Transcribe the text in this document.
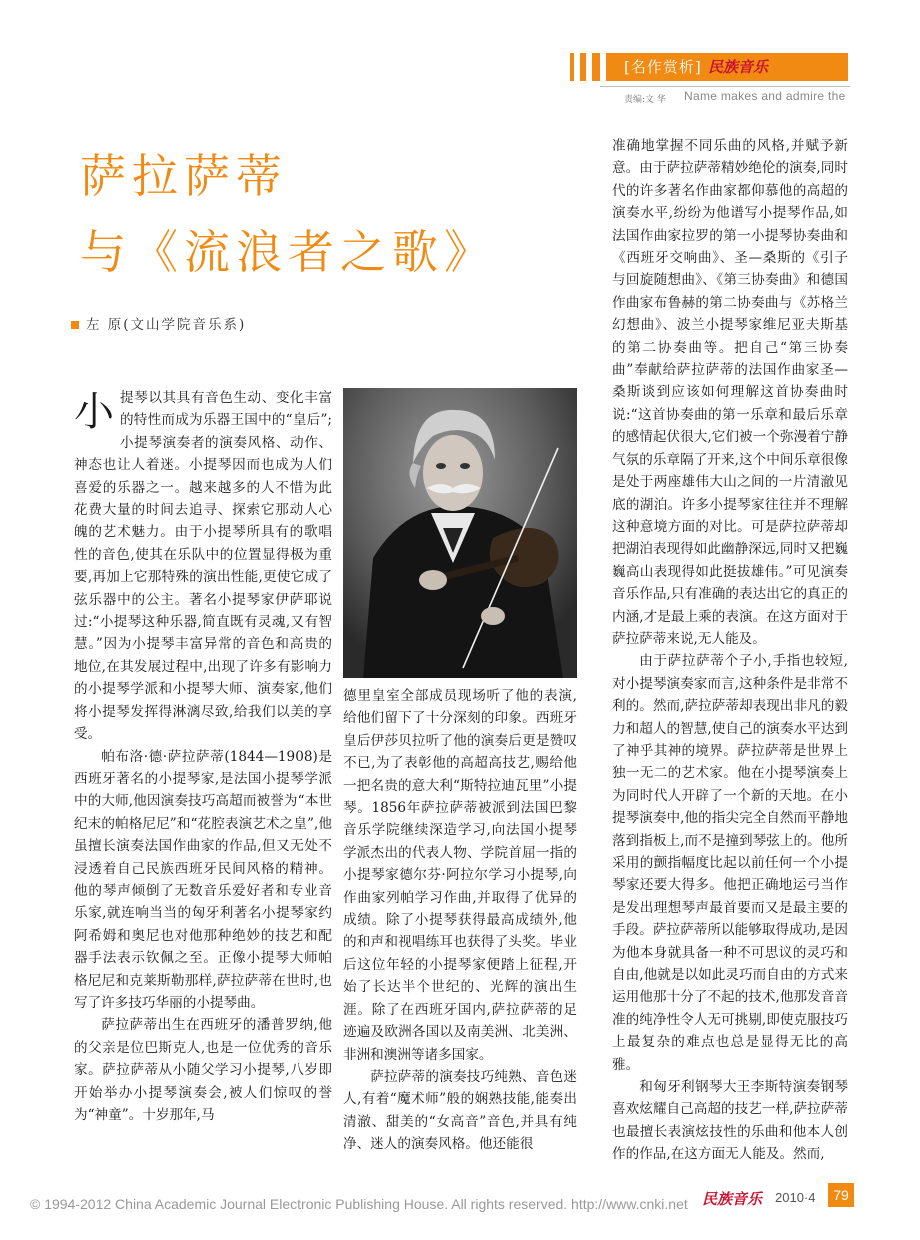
[名作赏析] 民族音乐
责编:文 华 Name makes and admire the
萨拉萨蒂
与《流浪者之歌》
左 原(文山学院音乐系)

小提琴以其具有音色生动、变化丰富的特性而成为乐器王国中的“皇后”;小提琴演奏者的演奏风格、动作、神态也让人着迷。小提琴因而也成为人们喜爱的乐器之一。越来越多的人不惜为此花费大量的时间去追寻、探索它那动人心魄的艺术魅力。由于小提琴所具有的歌唱性的音色,使其在乐队中的位置显得极为重要,再加上它那特殊的演出性能,更使它成了弦乐器中的公主。著名小提琴家伊萨耶说过:“小提琴这种乐器,简直既有灵魂,又有智慧。”因为小提琴丰富异常的音色和高贵的地位,在其发展过程中,出现了许多有影响力的小提琴学派和小提琴大师、演奏家,他们将小提琴发挥得淋漓尽致,给我们以美的享受。

帕布洛·德·萨拉萨蒂(1844—1908)是西班牙著名的小提琴家,是法国小提琴学派中的大师,他因演奏技巧高超而被誉为“本世纪末的帕格尼尼”和“花腔表演艺术之皇”,他虽擅长演奏法国作曲家的作品,但又无处不浸透着自己民族西班牙民间风格的精神。他的琴声倾倒了无数音乐爱好者和专业音乐家,就连响当当的匈牙利著名小提琴家约阿希姆和奥尼也对他那种绝妙的技艺和配器手法表示钦佩之至。正像小提琴大师帕格尼尼和克莱斯勒那样,萨拉萨蒂在世时,也写了许多技巧华丽的小提琴曲。

萨拉萨蒂出生在西班牙的潘普罗纳,他的父亲是位巴斯克人,也是一位优秀的音乐家。萨拉萨蒂从小随父学习小提琴,八岁即开始举办小提琴演奏会,被人们惊叹的誉为“神童”。十岁那年,马

德里皇室全部成员现场听了他的表演,给他们留下了十分深刻的印象。西班牙皇后伊莎贝拉听了他的演奏后更是赞叹不已,为了表彰他的高超高技艺,赐给他一把名贵的意大利“斯特拉迪瓦里”小提琴。1856年萨拉萨蒂被派到法国巴黎音乐学院继续深造学习,向法国小提琴学派杰出的代表人物、学院首屈一指的小提琴家德尔芬·阿拉尔学习小提琴,向作曲家列帕学习作曲,并取得了优异的成绩。除了小提琴获得最高成绩外,他的和声和视唱练耳也获得了头奖。毕业后这位年轻的小提琴家便踏上征程,开始了长达半个世纪的、光辉的演出生涯。除了在西班牙国内,萨拉萨蒂的足迹遍及欧洲各国以及南美洲、北美洲、非洲和澳洲等诸多国家。

萨拉萨蒂的演奏技巧纯熟、音色迷人,有着“魔术师”般的娴熟技能,能奏出清澈、甜美的“女高音”音色,并具有纯净、迷人的演奏风格。他还能很

准确地掌握不同乐曲的风格,并赋予新意。由于萨拉萨蒂精妙绝伦的演奏,同时代的许多著名作曲家都仰慕他的高超的演奏水平,纷纷为他谱写小提琴作品,如法国作曲家拉罗的第一小提琴协奏曲和《西班牙交响曲》、圣—桑斯的《引子与回旋随想曲》、《第三协奏曲》和德国作曲家布鲁赫的第二协奏曲与《苏格兰幻想曲》、波兰小提琴家维尼亚夫斯基的第二协奏曲等。把自己“第三协奏曲”奉献给萨拉萨蒂的法国作曲家圣—桑斯谈到应该如何理解这首协奏曲时说:“这首协奏曲的第一乐章和最后乐章的感情起伏很大,它们被一个弥漫着宁静气氛的乐章隔了开来,这个中间乐章很像是处于两座雄伟大山之间的一片清澈见底的湖泊。许多小提琴家往往并不理解这种意境方面的对比。可是萨拉萨蒂却把湖泊表现得如此幽静深远,同时又把巍巍高山表现得如此挺拔雄伟。”可见演奏音乐作品,只有准确的表达出它的真正的内涵,才是最上乘的表演。在这方面对于萨拉萨蒂来说,无人能及。

由于萨拉萨蒂个子小,手指也较短,对小提琴演奏家而言,这种条件是非常不利的。然而,萨拉萨蒂却表现出非凡的毅力和超人的智慧,使自己的演奏水平达到了神乎其神的境界。萨拉萨蒂是世界上独一无二的艺术家。他在小提琴演奏上为同时代人开辟了一个新的天地。在小提琴演奏中,他的指尖完全自然而平静地落到指板上,而不是撞到琴弦上的。他所采用的颤指幅度比起以前任何一个小提琴家还要大得多。他把正确地运弓当作是发出理想琴声最首要而又是最主要的手段。萨拉萨蒂所以能够取得成功,是因为他本身就具备一种不可思议的灵巧和自由,他就是以如此灵巧而自由的方式来运用他那十分了不起的技术,他那发音音准的纯净性令人无可挑剔,即使克服技巧上最复杂的难点也总是显得无比的高雅。

和匈牙利钢琴大王李斯特演奏钢琴喜欢炫耀自己高超的技艺一样,萨拉萨蒂也最擅长表演炫技性的乐曲和他本人创作的作品,在这方面无人能及。然而,

© 1994-2012 China Academic Journal Electronic Publishing House. All rights reserved. http://www.cnki.net 民族音乐 2010·4	79
